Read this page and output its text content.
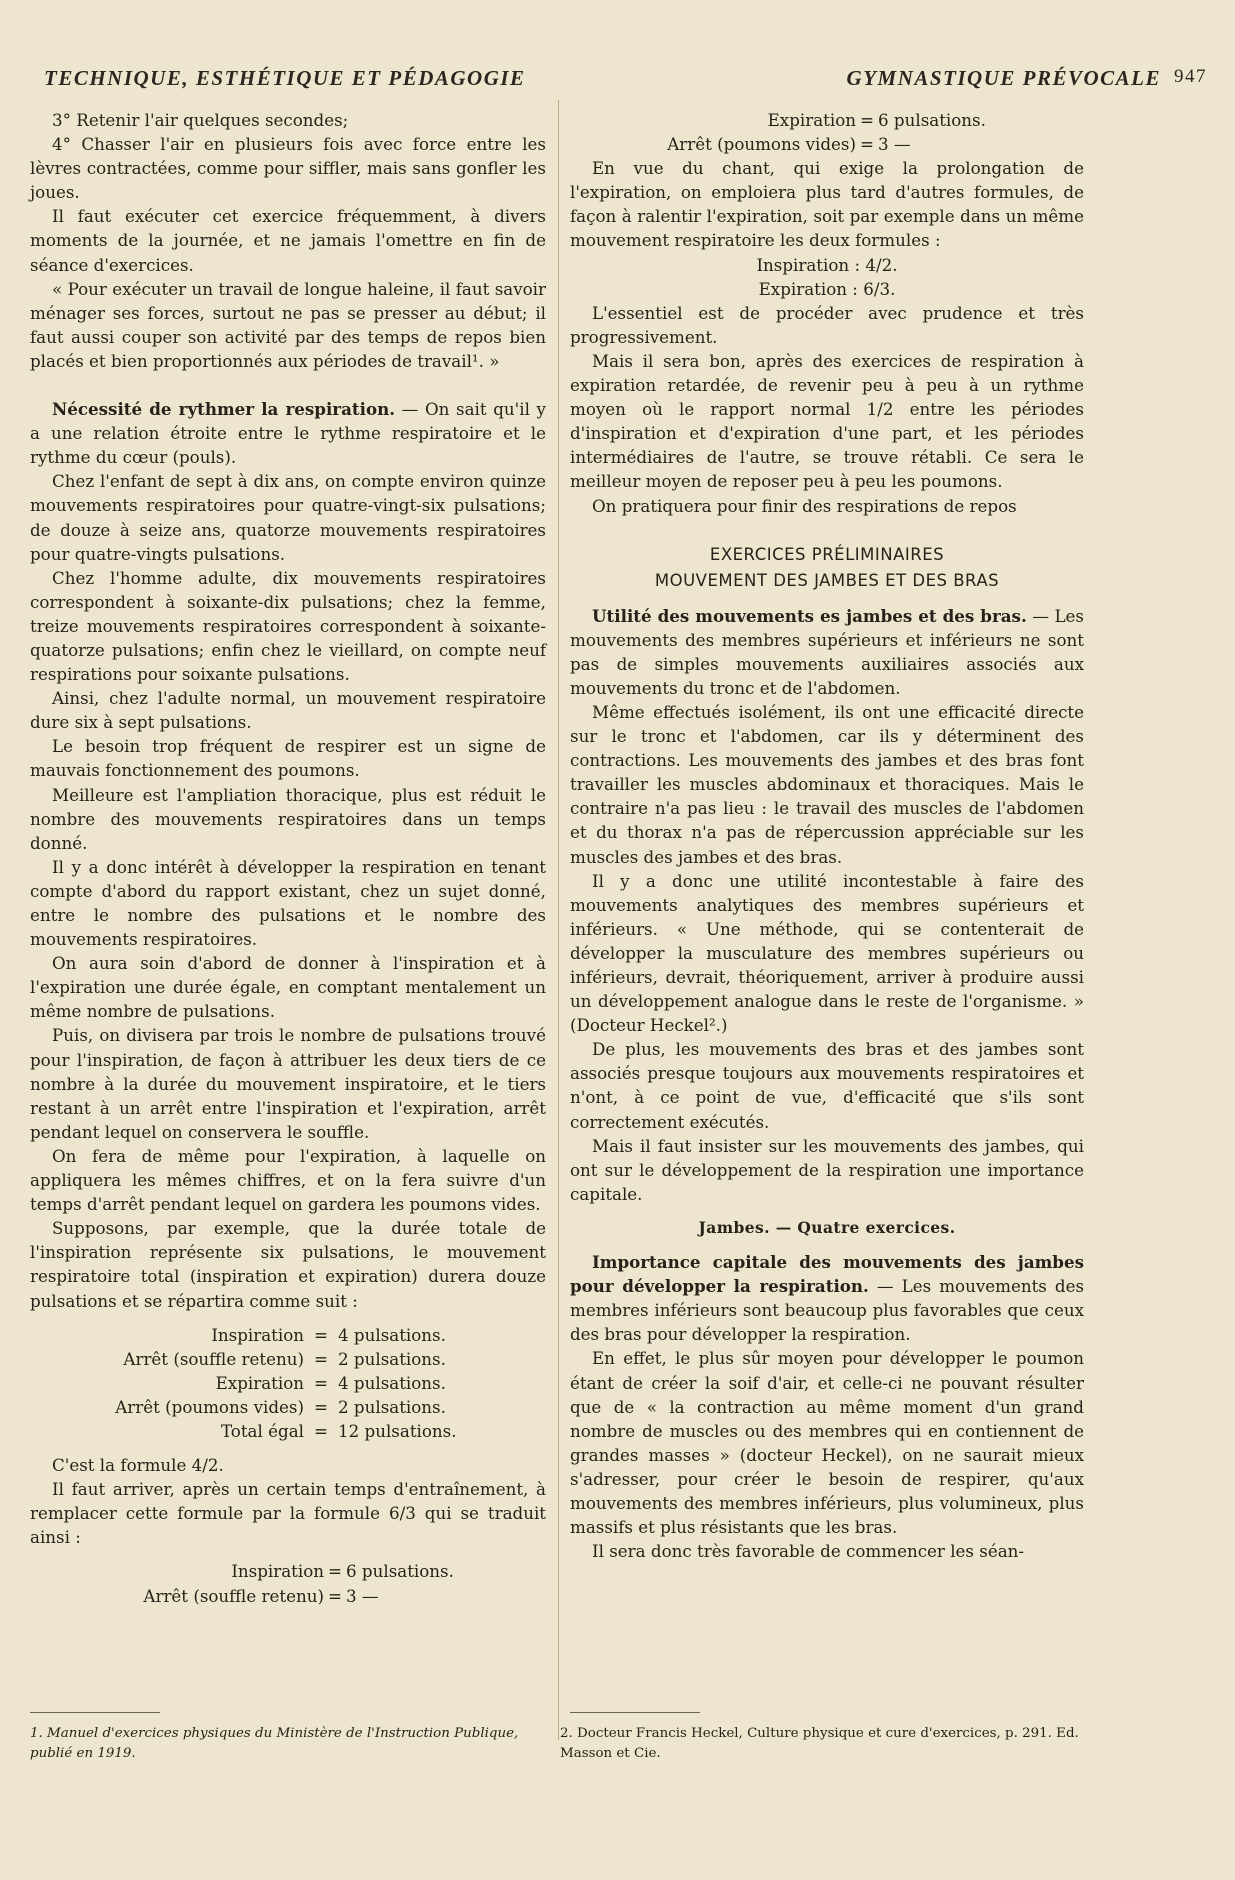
TECHNIQUE, ESTHÉTIQUE ET PÉDAGOGIE	GYMNASTIQUE PRÉVOCALE 947

3° Retenir l'air quelques secondes;

4° Chasser l'air en plusieurs fois avec force entre les lèvres contractées, comme pour siffler, mais sans gonfler les joues.

Il faut exécuter cet exercice fréquemment, à divers moments de la journée, et ne jamais l'omettre en fin de séance d'exercices.

« Pour exécuter un travail de longue haleine, il faut savoir ménager ses forces, surtout ne pas se presser au début; il faut aussi couper son activité par des temps de repos bien placés et bien proportionnés aux périodes de travail¹. »

Nécessité de rythmer la respiration. — On sait qu'il y a une relation étroite entre le rythme respiratoire et le rythme du cœur (pouls).

Chez l'enfant de sept à dix ans, on compte environ quinze mouvements respiratoires pour quatre-vingt-six pulsations; de douze à seize ans, quatorze mouvements respiratoires pour quatre-vingts pulsations.

Chez l'homme adulte, dix mouvements respiratoires correspondent à soixante-dix pulsations; chez la femme, treize mouvements respiratoires correspondent à soixante-quatorze pulsations; enfin chez le vieillard, on compte neuf respirations pour soixante pulsations.

Ainsi, chez l'adulte normal, un mouvement respiratoire dure six à sept pulsations.

Le besoin trop fréquent de respirer est un signe de mauvais fonctionnement des poumons.

Meilleure est l'ampliation thoracique, plus est réduit le nombre des mouvements respiratoires dans un temps donné.

Il y a donc intérêt à développer la respiration en tenant compte d'abord du rapport existant, chez un sujet donné, entre le nombre des pulsations et le nombre des mouvements respiratoires.

On aura soin d'abord de donner à l'inspiration et à l'expiration une durée égale, en comptant mentalement un même nombre de pulsations.

Puis, on divisera par trois le nombre de pulsations trouvé pour l'inspiration, de façon à attribuer les deux tiers de ce nombre à la durée du mouvement inspiratoire, et le tiers restant à un arrêt entre l'inspiration et l'expiration, arrêt pendant lequel on conservera le souffle.

On fera de même pour l'expiration, à laquelle on appliquera les mêmes chiffres, et on la fera suivre d'un temps d'arrêt pendant lequel on gardera les poumons vides.

Supposons, par exemple, que la durée totale de l'inspiration représente six pulsations, le mouvement respiratoire total (inspiration et expiration) durera douze pulsations et se répartira comme suit :

Inspiration = 4 pulsations.
Arrêt (souffle retenu) = 2 pulsations.
Expiration = 4 pulsations.
Arrêt (poumons vides) = 2 pulsations.
Total égal = 12 pulsations.

C'est la formule 4/2.

Il faut arriver, après un certain temps d'entraînement, à remplacer cette formule par la formule 6/3 qui se traduit ainsi :

Inspiration = 6 pulsations.
Arrêt (souffle retenu) = 3 —
Expiration = 6 pulsations.
Arrêt (poumons vides) = 3 —

En vue du chant, qui exige la prolongation de l'expiration, on emploiera plus tard d'autres formules, de façon à ralentir l'expiration, soit par exemple dans un même mouvement respiratoire les deux formules :

Inspiration : 4/2.

Expiration : 6/3.

L'essentiel est de procéder avec prudence et très progressivement.

Mais il sera bon, après des exercices de respiration à expiration retardée, de revenir peu à peu à un rythme moyen où le rapport normal 1/2 entre les périodes d'inspiration et d'expiration d'une part, et les périodes intermédiaires de l'autre, se trouve rétabli. Ce sera le meilleur moyen de reposer peu à peu les poumons.

On pratiquera pour finir des respirations de repos

EXERCICES PRÉLIMINAIRES
MOUVEMENT DES JAMBES ET DES BRAS

Utilité des mouvements es jambes et des bras. — Les mouvements des membres supérieurs et inférieurs ne sont pas de simples mouvements auxiliaires associés aux mouvements du tronc et de l'abdomen.

Même effectués isolément, ils ont une efficacité directe sur le tronc et l'abdomen, car ils y déterminent des contractions. Les mouvements des jambes et des bras font travailler les muscles abdominaux et thoraciques. Mais le contraire n'a pas lieu : le travail des muscles de l'abdomen et du thorax n'a pas de répercussion appréciable sur les muscles des jambes et des bras.

Il y a donc une utilité incontestable à faire des mouvements analytiques des membres supérieurs et inférieurs. « Une méthode, qui se contenterait de développer la musculature des membres supérieurs ou inférieurs, devrait, théoriquement, arriver à produire aussi un développement analogue dans le reste de l'organisme. » (Docteur Heckel².)

De plus, les mouvements des bras et des jambes sont associés presque toujours aux mouvements respiratoires et n'ont, à ce point de vue, d'efficacité que s'ils sont correctement exécutés.

Mais il faut insister sur les mouvements des jambes, qui ont sur le développement de la respiration une importance capitale.

Jambes. — Quatre exercices.

Importance capitale des mouvements des jambes pour développer la respiration. — Les mouvements des membres inférieurs sont beaucoup plus favorables que ceux des bras pour développer la respiration.

En effet, le plus sûr moyen pour développer le poumon étant de créer la soif d'air, et celle-ci ne pouvant résulter que de « la contraction au même moment d'un grand nombre de muscles ou des membres qui en contiennent de grandes masses » (docteur Heckel), on ne saurait mieux s'adresser, pour créer le besoin de respirer, qu'aux mouvements des membres inférieurs, plus volumineux, plus massifs et plus résistants que les bras.

Il sera donc très favorable de commencer les séan-

1. Manuel d'exercices physiques du Ministère de l'Instruction Publique, publié en 1919.
2. Docteur Francis Heckel, Culture physique et cure d'exercices, p. 291. Ed. Masson et Cie.
